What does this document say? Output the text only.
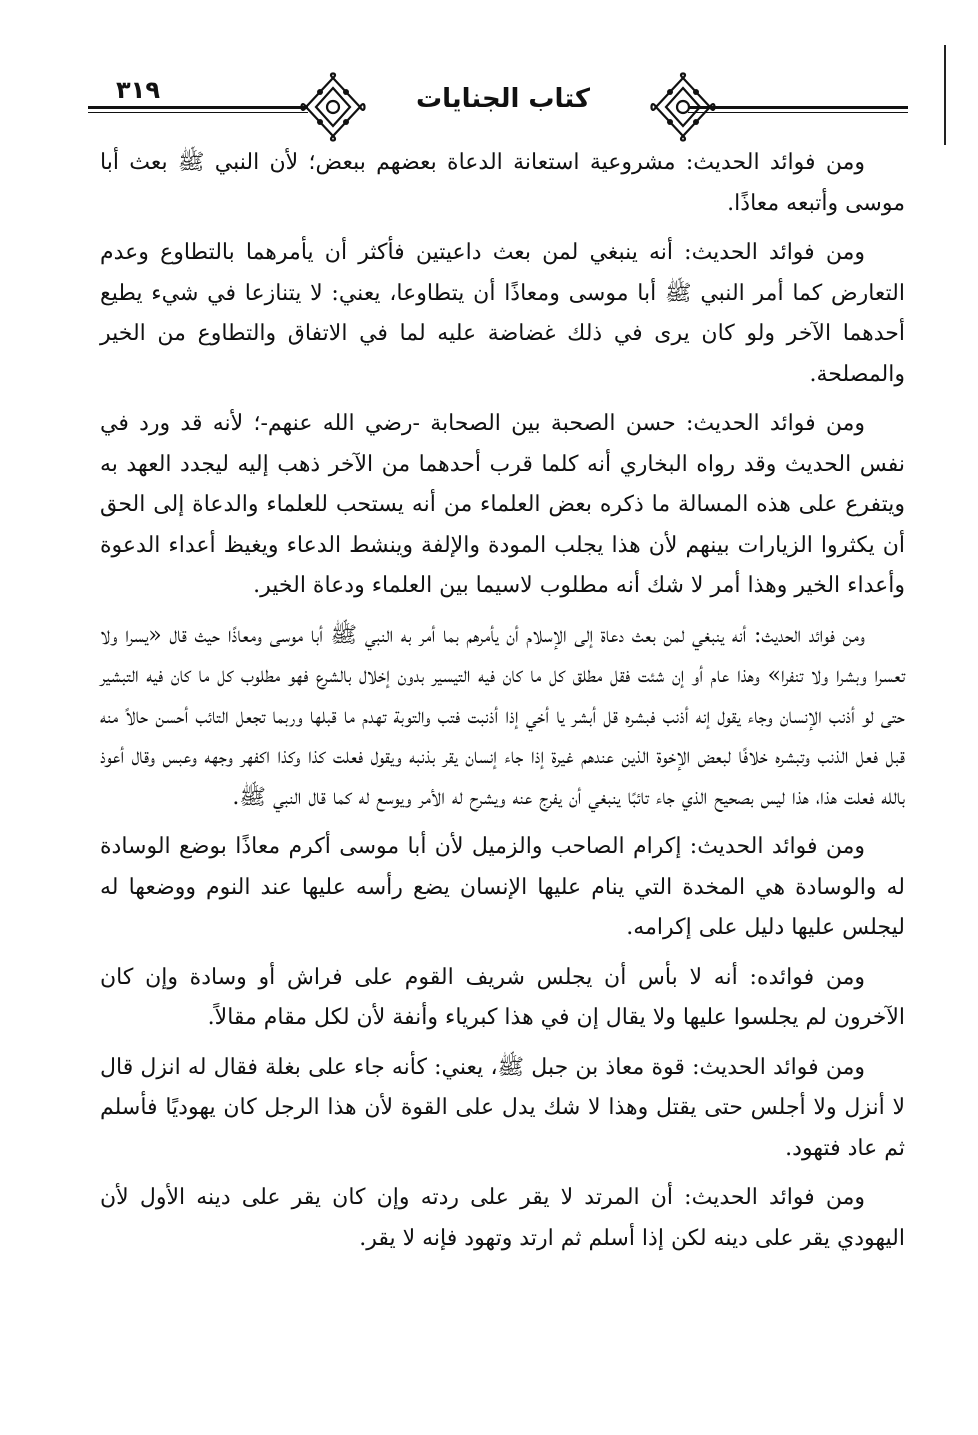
٣١٩	كتاب الجنايات

ومن فوائد الحديث: مشروعية استعانة الدعاة بعضهم ببعض؛ لأن النبي ﷺ بعث أبا موسى وأتبعه معاذًا.

ومن فوائد الحديث: أنه ينبغي لمن بعث داعيتين فأكثر أن يأمرهما بالتطاوع وعدم التعارض كما أمر النبي ﷺ أبا موسى ومعاذًا أن يتطاوعا، يعني: لا يتنازعا في شيء يطيع أحدهما الآخر ولو كان يرى في ذلك غضاضة عليه لما في الاتفاق والتطاوع من الخير والمصلحة.

ومن فوائد الحديث: حسن الصحبة بين الصحابة -رضي الله عنهم-؛ لأنه قد ورد في نفس الحديث وقد رواه البخاري أنه كلما قرب أحدهما من الآخر ذهب إليه ليجدد العهد به ويتفرع على هذه المسالة ما ذكره بعض العلماء من أنه يستحب للعلماء والدعاة إلى الحق أن يكثروا الزيارات بينهم لأن هذا يجلب المودة والإلفة وينشط الدعاء ويغيظ أعداء الدعوة وأعداء الخير وهذا أمر لا شك أنه مطلوب لاسيما بين العلماء ودعاة الخير.

ومن فوائد الحديث: أنه ينبغي لمن بعث دعاة إلى الإسلام أن يأمرهم بما أمر به النبي ﷺ أبا موسى ومعاذًا حيث قال «يسرا ولا تعسرا وبشرا ولا تنفرا» وهذا عام أو إن شئت فقل مطلق كل ما كان فيه التيسير بدون إخلال بالشرع فهو مطلوب كل ما كان فيه التبشير حتى لو أذنب الإنسان وجاء يقول إنه أذنب فبشره قل أبشر يا أخي إذا أذنبت فتب والتوبة تهدم ما قبلها وربما تجعل التائب أحسن حالاً منه قبل فعل الذنب وتبشره خلافًا لبعض الإخوة الذين عندهم غيرة إذا جاء إنسان يقر بذنبه ويقول فعلت كذا وكذا اكفهر وجهه وعبس وقال أعوذ بالله فعلت هذا، هذا ليس بصحيح الذي جاء تائبًا ينبغي أن يفرج عنه ويشرح له الأمر ويوسع له كما قال النبي ﷺ.

ومن فوائد الحديث: إكرام الصاحب والزميل لأن أبا موسى أكرم معاذًا بوضع الوسادة له والوسادة هي المخدة التي ينام عليها الإنسان يضع رأسه عليها عند النوم ووضعها له ليجلس عليها دليل على إكرامه.

ومن فوائده: أنه لا بأس أن يجلس شريف القوم على فراش أو وسادة وإن كان الآخرون لم يجلسوا عليها ولا يقال إن في هذا كبرياء وأنفة لأن لكل مقام مقالاً.

ومن فوائد الحديث: قوة معاذ بن جبل ﷺ، يعني: كأنه جاء على بغلة فقال له انزل قال لا أنزل ولا أجلس حتى يقتل وهذا لا شك يدل على القوة لأن هذا الرجل كان يهوديًا فأسلم ثم عاد فتهود.

ومن فوائد الحديث: أن المرتد لا يقر على ردته وإن كان يقر على دينه الأول لأن اليهودي يقر على دينه لكن إذا أسلم ثم ارتد وتهود فإنه لا يقر.
